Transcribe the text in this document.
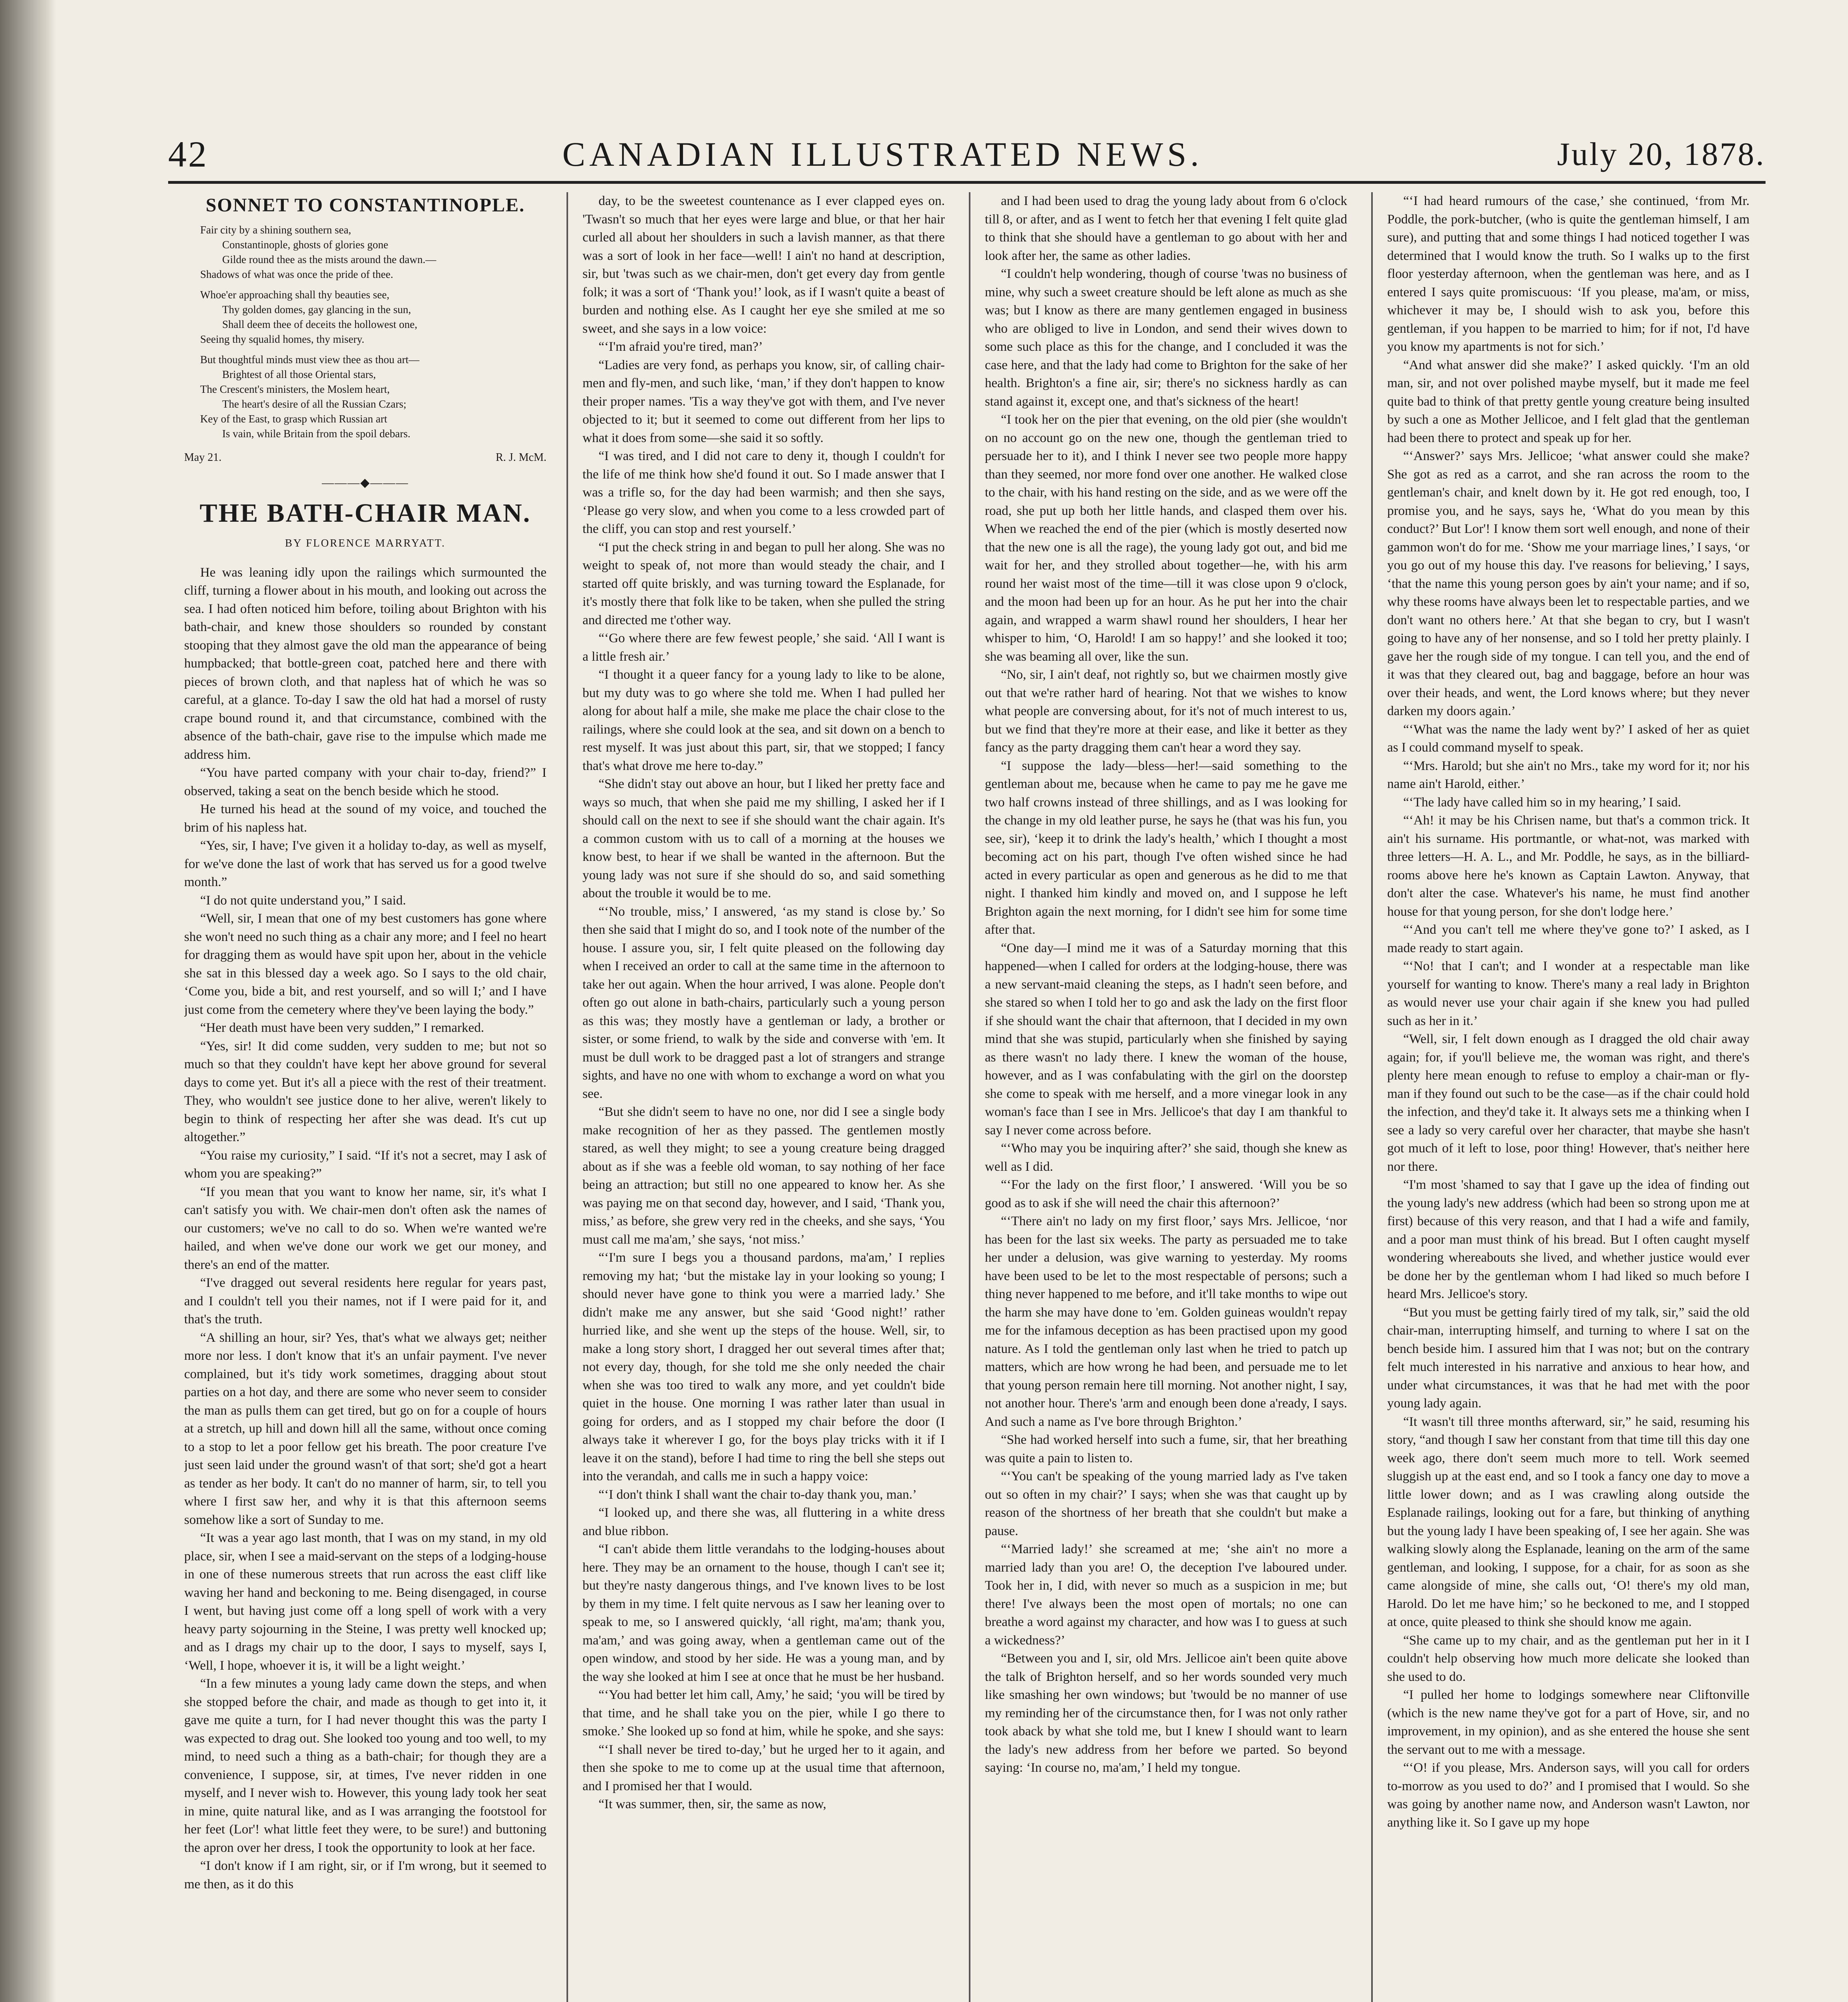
42	CANADIAN ILLUSTRATED NEWS.	July 20, 1878.
SONNET TO CONSTANTINOPLE.
Fair city by a shining southern sea,
Constantinople, ghosts of glories gone
Gilde round thee as the mists around the dawn.—
Shadows of what was once the pride of thee.
Whoe'er approaching shall thy beauties see,
Thy golden domes, gay glancing in the sun,
Shall deem thee of deceits the hollowest one,
Seeing thy squalid homes, thy misery.
But thoughtful minds must view thee as thou art—
Brightest of all those Oriental stars,
The Crescent's ministers, the Moslem heart,
The heart's desire of all the Russian Czars;
Key of the East, to grasp which Russian art
Is vain, while Britain from the spoil debars.
May 21.	R. J. McM.
———◆———
THE BATH-CHAIR MAN.
BY FLORENCE MARRYATT.

He was leaning idly upon the railings which surmounted the cliff, turning a flower about in his mouth, and looking out across the sea. I had often noticed him before, toiling about Brighton with his bath-chair, and knew those shoulders so rounded by constant stooping that they almost gave the old man the appearance of being humpbacked; that bottle-green coat, patched here and there with pieces of brown cloth, and that napless hat of which he was so careful, at a glance. To-day I saw the old hat had a morsel of rusty crape bound round it, and that circumstance, combined with the absence of the bath-chair, gave rise to the impulse which made me address him.

“You have parted company with your chair to-day, friend?” I observed, taking a seat on the bench beside which he stood.

He turned his head at the sound of my voice, and touched the brim of his napless hat.

“Yes, sir, I have; I've given it a holiday to-day, as well as myself, for we've done the last of work that has served us for a good twelve month.”

“I do not quite understand you,” I said.

“Well, sir, I mean that one of my best customers has gone where she won't need no such thing as a chair any more; and I feel no heart for dragging them as would have spit upon her, about in the vehicle she sat in this blessed day a week ago. So I says to the old chair, ‘Come you, bide a bit, and rest yourself, and so will I;’ and I have just come from the cemetery where they've been laying the body.”

“Her death must have been very sudden,” I remarked.

“Yes, sir! It did come sudden, very sudden to me; but not so much so that they couldn't have kept her above ground for several days to come yet. But it's all a piece with the rest of their treatment. They, who wouldn't see justice done to her alive, weren't likely to begin to think of respecting her after she was dead. It's cut up altogether.”

“You raise my curiosity,” I said. “If it's not a secret, may I ask of whom you are speaking?”

“If you mean that you want to know her name, sir, it's what I can't satisfy you with. We chair-men don't often ask the names of our customers; we've no call to do so. When we're wanted we're hailed, and when we've done our work we get our money, and there's an end of the matter.

“I've dragged out several residents here regular for years past, and I couldn't tell you their names, not if I were paid for it, and that's the truth.

“A shilling an hour, sir? Yes, that's what we always get; neither more nor less. I don't know that it's an unfair payment. I've never complained, but it's tidy work sometimes, dragging about stout parties on a hot day, and there are some who never seem to consider the man as pulls them can get tired, but go on for a couple of hours at a stretch, up hill and down hill all the same, without once coming to a stop to let a poor fellow get his breath. The poor creature I've just seen laid under the ground wasn't of that sort; she'd got a heart as tender as her body. It can't do no manner of harm, sir, to tell you where I first saw her, and why it is that this afternoon seems somehow like a sort of Sunday to me.

“It was a year ago last month, that I was on my stand, in my old place, sir, when I see a maid-servant on the steps of a lodging-house in one of these numerous streets that run across the east cliff like waving her hand and beckoning to me. Being disengaged, in course I went, but having just come off a long spell of work with a very heavy party sojourning in the Steine, I was pretty well knocked up; and as I drags my chair up to the door, I says to myself, says I, ‘Well, I hope, whoever it is, it will be a light weight.’

“In a few minutes a young lady came down the steps, and when she stopped before the chair, and made as though to get into it, it gave me quite a turn, for I had never thought this was the party I was expected to drag out. She looked too young and too well, to my mind, to need such a thing as a bath-chair; for though they are a convenience, I suppose, sir, at times, I've never ridden in one myself, and I never wish to. However, this young lady took her seat in mine, quite natural like, and as I was arranging the footstool for her feet (Lor'! what little feet they were, to be sure!) and buttoning the apron over her dress, I took the opportunity to look at her face.

“I don't know if I am right, sir, or if I'm wrong, but it seemed to me then, as it do this

day, to be the sweetest countenance as I ever clapped eyes on. 'Twasn't so much that her eyes were large and blue, or that her hair curled all about her shoulders in such a lavish manner, as that there was a sort of look in her face—well! I ain't no hand at description, sir, but 'twas such as we chair-men, don't get every day from gentle folk; it was a sort of ‘Thank you!’ look, as if I wasn't quite a beast of burden and nothing else. As I caught her eye she smiled at me so sweet, and she says in a low voice:

“‘I'm afraid you're tired, man?’

“Ladies are very fond, as perhaps you know, sir, of calling chair-men and fly-men, and such like, ‘man,’ if they don't happen to know their proper names. 'Tis a way they've got with them, and I've never objected to it; but it seemed to come out different from her lips to what it does from some—she said it so softly.

“I was tired, and I did not care to deny it, though I couldn't for the life of me think how she'd found it out. So I made answer that I was a trifle so, for the day had been warmish; and then she says, ‘Please go very slow, and when you come to a less crowded part of the cliff, you can stop and rest yourself.’

“I put the check string in and began to pull her along. She was no weight to speak of, not more than would steady the chair, and I started off quite briskly, and was turning toward the Esplanade, for it's mostly there that folk like to be taken, when she pulled the string and directed me t'other way.

“‘Go where there are few fewest people,’ she said. ‘All I want is a little fresh air.’

“I thought it a queer fancy for a young lady to like to be alone, but my duty was to go where she told me. When I had pulled her along for about half a mile, she make me place the chair close to the railings, where she could look at the sea, and sit down on a bench to rest myself. It was just about this part, sir, that we stopped; I fancy that's what drove me here to-day.”

“She didn't stay out above an hour, but I liked her pretty face and ways so much, that when she paid me my shilling, I asked her if I should call on the next to see if she should want the chair again. It's a common custom with us to call of a morning at the houses we know best, to hear if we shall be wanted in the afternoon. But the young lady was not sure if she should do so, and said something about the trouble it would be to me.

“‘No trouble, miss,’ I answered, ‘as my stand is close by.’ So then she said that I might do so, and I took note of the number of the house. I assure you, sir, I felt quite pleased on the following day when I received an order to call at the same time in the afternoon to take her out again. When the hour arrived, I was alone. People don't often go out alone in bath-chairs, particularly such a young person as this was; they mostly have a gentleman or lady, a brother or sister, or some friend, to walk by the side and converse with 'em. It must be dull work to be dragged past a lot of strangers and strange sights, and have no one with whom to exchange a word on what you see.

“But she didn't seem to have no one, nor did I see a single body make recognition of her as they passed. The gentlemen mostly stared, as well they might; to see a young creature being dragged about as if she was a feeble old woman, to say nothing of her face being an attraction; but still no one appeared to know her. As she was paying me on that second day, however, and I said, ‘Thank you, miss,’ as before, she grew very red in the cheeks, and she says, ‘You must call me ma'am,’ she says, ‘not miss.’

“‘I'm sure I begs you a thousand pardons, ma'am,’ I replies removing my hat; ‘but the mistake lay in your looking so young; I should never have gone to think you were a married lady.’ She didn't make me any answer, but she said ‘Good night!’ rather hurried like, and she went up the steps of the house. Well, sir, to make a long story short, I dragged her out several times after that; not every day, though, for she told me she only needed the chair when she was too tired to walk any more, and yet couldn't bide quiet in the house. One morning I was rather later than usual in going for orders, and as I stopped my chair before the door (I always take it wherever I go, for the boys play tricks with it if I leave it on the stand), before I had time to ring the bell she steps out into the verandah, and calls me in such a happy voice:

“‘I don't think I shall want the chair to-day thank you, man.’

“I looked up, and there she was, all fluttering in a white dress and blue ribbon.

“I can't abide them little verandahs to the lodging-houses about here. They may be an ornament to the house, though I can't see it; but they're nasty dangerous things, and I've known lives to be lost by them in my time. I felt quite nervous as I saw her leaning over to speak to me, so I answered quickly, ‘all right, ma'am; thank you, ma'am,’ and was going away, when a gentleman came out of the open window, and stood by her side. He was a young man, and by the way she looked at him I see at once that he must be her husband.

“‘You had better let him call, Amy,’ he said; ‘you will be tired by that time, and he shall take you on the pier, while I go there to smoke.’ She looked up so fond at him, while he spoke, and she says:

“‘I shall never be tired to-day,’ but he urged her to it again, and then she spoke to me to come up at the usual time that afternoon, and I promised her that I would.

“It was summer, then, sir, the same as now,

and I had been used to drag the young lady about from 6 o'clock till 8, or after, and as I went to fetch her that evening I felt quite glad to think that she should have a gentleman to go about with her and look after her, the same as other ladies.

“I couldn't help wondering, though of course 'twas no business of mine, why such a sweet creature should be left alone as much as she was; but I know as there are many gentlemen engaged in business who are obliged to live in London, and send their wives down to some such place as this for the change, and I concluded it was the case here, and that the lady had come to Brighton for the sake of her health. Brighton's a fine air, sir; there's no sickness hardly as can stand against it, except one, and that's sickness of the heart!

“I took her on the pier that evening, on the old pier (she wouldn't on no account go on the new one, though the gentleman tried to persuade her to it), and I think I never see two people more happy than they seemed, nor more fond over one another. He walked close to the chair, with his hand resting on the side, and as we were off the road, she put up both her little hands, and clasped them over his. When we reached the end of the pier (which is mostly deserted now that the new one is all the rage), the young lady got out, and bid me wait for her, and they strolled about together—he, with his arm round her waist most of the time—till it was close upon 9 o'clock, and the moon had been up for an hour. As he put her into the chair again, and wrapped a warm shawl round her shoulders, I hear her whisper to him, ‘O, Harold! I am so happy!’ and she looked it too; she was beaming all over, like the sun.

“No, sir, I ain't deaf, not rightly so, but we chairmen mostly give out that we're rather hard of hearing. Not that we wishes to know what people are conversing about, for it's not of much interest to us, but we find that they're more at their ease, and like it better as they fancy as the party dragging them can't hear a word they say.

“I suppose the lady—bless—her!—said something to the gentleman about me, because when he came to pay me he gave me two half crowns instead of three shillings, and as I was looking for the change in my old leather purse, he says he (that was his fun, you see, sir), ‘keep it to drink the lady's health,’ which I thought a most becoming act on his part, though I've often wished since he had acted in every particular as open and generous as he did to me that night. I thanked him kindly and moved on, and I suppose he left Brighton again the next morning, for I didn't see him for some time after that.

“One day—I mind me it was of a Saturday morning that this happened—when I called for orders at the lodging-house, there was a new servant-maid cleaning the steps, as I hadn't seen before, and she stared so when I told her to go and ask the lady on the first floor if she should want the chair that afternoon, that I decided in my own mind that she was stupid, particularly when she finished by saying as there wasn't no lady there. I knew the woman of the house, however, and as I was confabulating with the girl on the doorstep she come to speak with me herself, and a more vinegar look in any woman's face than I see in Mrs. Jellicoe's that day I am thankful to say I never come across before.

“‘Who may you be inquiring after?’ she said, though she knew as well as I did.

“‘For the lady on the first floor,’ I answered. ‘Will you be so good as to ask if she will need the chair this afternoon?’

“‘There ain't no lady on my first floor,’ says Mrs. Jellicoe, ‘nor has been for the last six weeks. The party as persuaded me to take her under a delusion, was give warning to yesterday. My rooms have been used to be let to the most respectable of persons; such a thing never happened to me before, and it'll take months to wipe out the harm she may have done to 'em. Golden guineas wouldn't repay me for the infamous deception as has been practised upon my good nature. As I told the gentleman only last when he tried to patch up matters, which are how wrong he had been, and persuade me to let that young person remain here till morning. Not another night, I say, not another hour. There's 'arm and enough been done a'ready, I says. And such a name as I've bore through Brighton.’

“She had worked herself into such a fume, sir, that her breathing was quite a pain to listen to.

“‘You can't be speaking of the young married lady as I've taken out so often in my chair?’ I says; when she was that caught up by reason of the shortness of her breath that she couldn't but make a pause.

“‘Married lady!’ she screamed at me; ‘she ain't no more a married lady than you are! O, the deception I've laboured under. Took her in, I did, with never so much as a suspicion in me; but there! I've always been the most open of mortals; no one can breathe a word against my character, and how was I to guess at such a wickedness?’

“Between you and I, sir, old Mrs. Jellicoe ain't been quite above the talk of Brighton herself, and so her words sounded very much like smashing her own windows; but 'twould be no manner of use my reminding her of the circumstance then, for I was not only rather took aback by what she told me, but I knew I should want to learn the lady's new address from her before we parted. So beyond saying: ‘In course no, ma'am,’ I held my tongue.

“‘I had heard rumours of the case,’ she continued, ‘from Mr. Poddle, the pork-butcher, (who is quite the gentleman himself, I am sure), and putting that and some things I had noticed together I was determined that I would know the truth. So I walks up to the first floor yesterday afternoon, when the gentleman was here, and as I entered I says quite promiscuous: ‘If you please, ma'am, or miss, whichever it may be, I should wish to ask you, before this gentleman, if you happen to be married to him; for if not, I'd have you know my apartments is not for sich.’

“And what answer did she make?’ I asked quickly. ‘I'm an old man, sir, and not over polished maybe myself, but it made me feel quite bad to think of that pretty gentle young creature being insulted by such a one as Mother Jellicoe, and I felt glad that the gentleman had been there to protect and speak up for her.

“‘Answer?’ says Mrs. Jellicoe; ‘what answer could she make? She got as red as a carrot, and she ran across the room to the gentleman's chair, and knelt down by it. He got red enough, too, I promise you, and he says, says he, ‘What do you mean by this conduct?’ But Lor'! I know them sort well enough, and none of their gammon won't do for me. ‘Show me your marriage lines,’ I says, ‘or you go out of my house this day. I've reasons for believing,’ I says, ‘that the name this young person goes by ain't your name; and if so, why these rooms have always been let to respectable parties, and we don't want no others here.’ At that she began to cry, but I wasn't going to have any of her nonsense, and so I told her pretty plainly. I gave her the rough side of my tongue. I can tell you, and the end of it was that they cleared out, bag and baggage, before an hour was over their heads, and went, the Lord knows where; but they never darken my doors again.’

“‘What was the name the lady went by?’ I asked of her as quiet as I could command myself to speak.

“‘Mrs. Harold; but she ain't no Mrs., take my word for it; nor his name ain't Harold, either.’

“‘The lady have called him so in my hearing,’ I said.

“‘Ah! it may be his Chrisen name, but that's a common trick. It ain't his surname. His portmantle, or what-not, was marked with three letters—H. A. L., and Mr. Poddle, he says, as in the billiard-rooms above here he's known as Captain Lawton. Anyway, that don't alter the case. Whatever's his name, he must find another house for that young person, for she don't lodge here.’

“‘And you can't tell me where they've gone to?’ I asked, as I made ready to start again.

“‘No! that I can't; and I wonder at a respectable man like yourself for wanting to know. There's many a real lady in Brighton as would never use your chair again if she knew you had pulled such as her in it.’

“Well, sir, I felt down enough as I dragged the old chair away again; for, if you'll believe me, the woman was right, and there's plenty here mean enough to refuse to employ a chair-man or fly-man if they found out such to be the case—as if the chair could hold the infection, and they'd take it. It always sets me a thinking when I see a lady so very careful over her character, that maybe she hasn't got much of it left to lose, poor thing! However, that's neither here nor there.

“I'm most 'shamed to say that I gave up the idea of finding out the young lady's new address (which had been so strong upon me at first) because of this very reason, and that I had a wife and family, and a poor man must think of his bread. But I often caught myself wondering whereabouts she lived, and whether justice would ever be done her by the gentleman whom I had liked so much before I heard Mrs. Jellicoe's story.

“But you must be getting fairly tired of my talk, sir,” said the old chair-man, interrupting himself, and turning to where I sat on the bench beside him. I assured him that I was not; but on the contrary felt much interested in his narrative and anxious to hear how, and under what circumstances, it was that he had met with the poor young lady again.

“It wasn't till three months afterward, sir,” he said, resuming his story, “and though I saw her constant from that time till this day one week ago, there don't seem much more to tell. Work seemed sluggish up at the east end, and so I took a fancy one day to move a little lower down; and as I was crawling along outside the Esplanade railings, looking out for a fare, but thinking of anything but the young lady I have been speaking of, I see her again. She was walking slowly along the Esplanade, leaning on the arm of the same gentleman, and looking, I suppose, for a chair, for as soon as she came alongside of mine, she calls out, ‘O! there's my old man, Harold. Do let me have him;’ so he beckoned to me, and I stopped at once, quite pleased to think she should know me again.

“She came up to my chair, and as the gentleman put her in it I couldn't help observing how much more delicate she looked than she used to do.

“I pulled her home to lodgings somewhere near Cliftonville (which is the new name they've got for a part of Hove, sir, and no improvement, in my opinion), and as she entered the house she sent the servant out to me with a message.

“‘O! if you please, Mrs. Anderson says, will you call for orders to-morrow as you used to do?’ and I promised that I would. So she was going by another name now, and Anderson wasn't Lawton, nor anything like it. So I gave up my hope
